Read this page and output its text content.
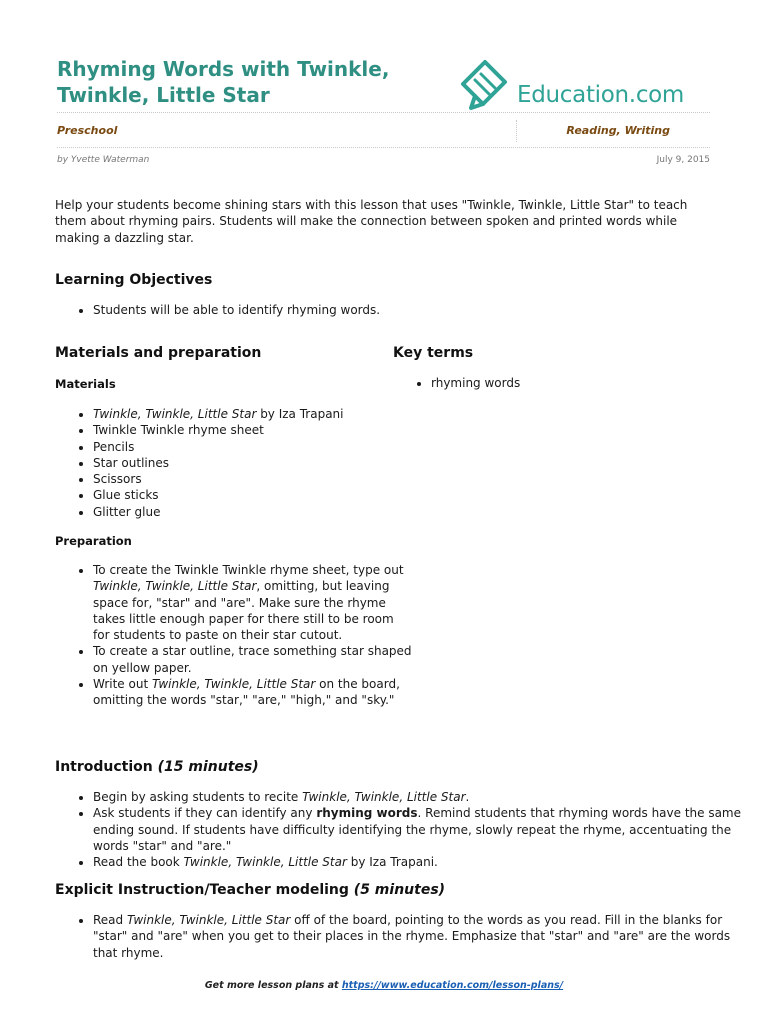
Rhyming Words with Twinkle,
Twinkle, Little Star	Education.com
Preschool	Reading, Writing
by Yvette Waterman	July 9, 2015
Help your students become shining stars with this lesson that uses "Twinkle, Twinkle, Little Star" to teach them about rhyming pairs. Students will make the connection between spoken and printed words while making a dazzling star.
Learning Objectives
• Students will be able to identify rhyming words.
Materials and preparation
Materials
• Twinkle, Twinkle, Little Star by Iza Trapani
• Twinkle Twinkle rhyme sheet
• Pencils
• Star outlines
• Scissors
• Glue sticks
• Glitter glue
Preparation
• To create the Twinkle Twinkle rhyme sheet, type out Twinkle, Twinkle, Little Star, omitting, but leaving space for, "star" and "are". Make sure the rhyme takes little enough paper for there still to be room for students to paste on their star cutout.
• To create a star outline, trace something star shaped on yellow paper.
• Write out Twinkle, Twinkle, Little Star on the board, omitting the words "star," "are," "high," and "sky."
Key terms
• rhyming words
Introduction (15 minutes)
• Begin by asking students to recite Twinkle, Twinkle, Little Star.
• Ask students if they can identify any rhyming words. Remind students that rhyming words have the same ending sound. If students have difficulty identifying the rhyme, slowly repeat the rhyme, accentuating the words "star" and "are."
• Read the book Twinkle, Twinkle, Little Star by Iza Trapani.
Explicit Instruction/Teacher modeling (5 minutes)
• Read Twinkle, Twinkle, Little Star off of the board, pointing to the words as you read. Fill in the blanks for "star" and "are" when you get to their places in the rhyme. Emphasize that "star" and "are" are the words that rhyme.
Get more lesson plans at https://www.education.com/lesson-plans/
